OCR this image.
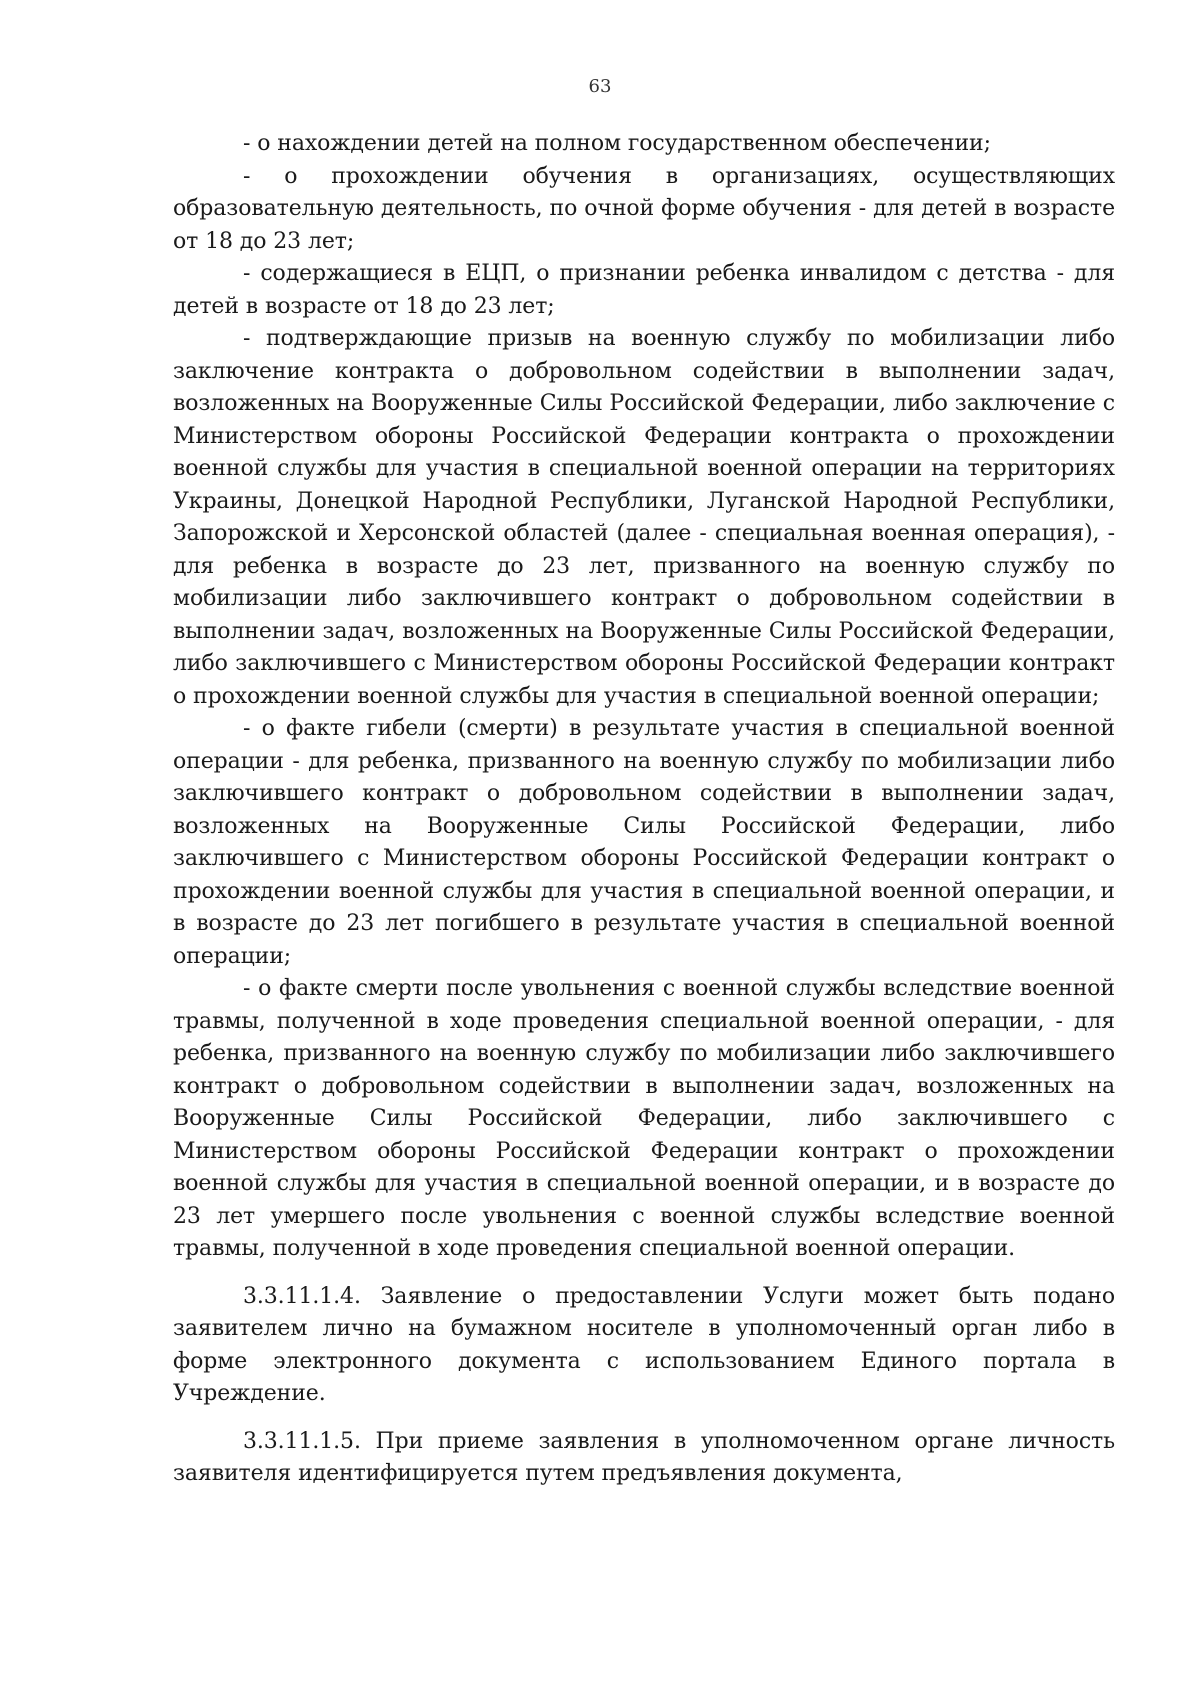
63

- о нахождении детей на полном государственном обеспечении;

- о прохождении обучения в организациях, осуществляющих образовательную деятельность, по очной форме обучения - для детей в возрасте от 18 до 23 лет;

- содержащиеся в ЕЦП, о признании ребенка инвалидом с детства - для детей в возрасте от 18 до 23 лет;

- подтверждающие призыв на военную службу по мобилизации либо заключение контракта о добровольном содействии в выполнении задач, возложенных на Вооруженные Силы Российской Федерации, либо заключение с Министерством обороны Российской Федерации контракта о прохождении военной службы для участия в специальной военной операции на территориях Украины, Донецкой Народной Республики, Луганской Народной Республики, Запорожской и Херсонской областей (далее - специальная военная операция), - для ребенка в возрасте до 23 лет, призванного на военную службу по мобилизации либо заключившего контракт о добровольном содействии в выполнении задач, возложенных на Вооруженные Силы Российской Федерации, либо заключившего с Министерством обороны Российской Федерации контракт о прохождении военной службы для участия в специальной военной операции;

- о факте гибели (смерти) в результате участия в специальной военной операции - для ребенка, призванного на военную службу по мобилизации либо заключившего контракт о добровольном содействии в выполнении задач, возложенных на Вооруженные Силы Российской Федерации, либо заключившего с Министерством обороны Российской Федерации контракт о прохождении военной службы для участия в специальной военной операции, и в возрасте до 23 лет погибшего в результате участия в специальной военной операции;

- о факте смерти после увольнения с военной службы вследствие военной травмы, полученной в ходе проведения специальной военной операции, - для ребенка, призванного на военную службу по мобилизации либо заключившего контракт о добровольном содействии в выполнении задач, возложенных на Вооруженные Силы Российской Федерации, либо заключившего с Министерством обороны Российской Федерации контракт о прохождении военной службы для участия в специальной военной операции, и в возрасте до 23 лет умершего после увольнения с военной службы вследствие военной травмы, полученной в ходе проведения специальной военной операции.

3.3.11.1.4. Заявление о предоставлении Услуги может быть подано заявителем лично на бумажном носителе в уполномоченный орган либо в форме электронного документа с использованием Единого портала в Учреждение.

3.3.11.1.5. При приеме заявления в уполномоченном органе личность заявителя идентифицируется путем предъявления документа,
